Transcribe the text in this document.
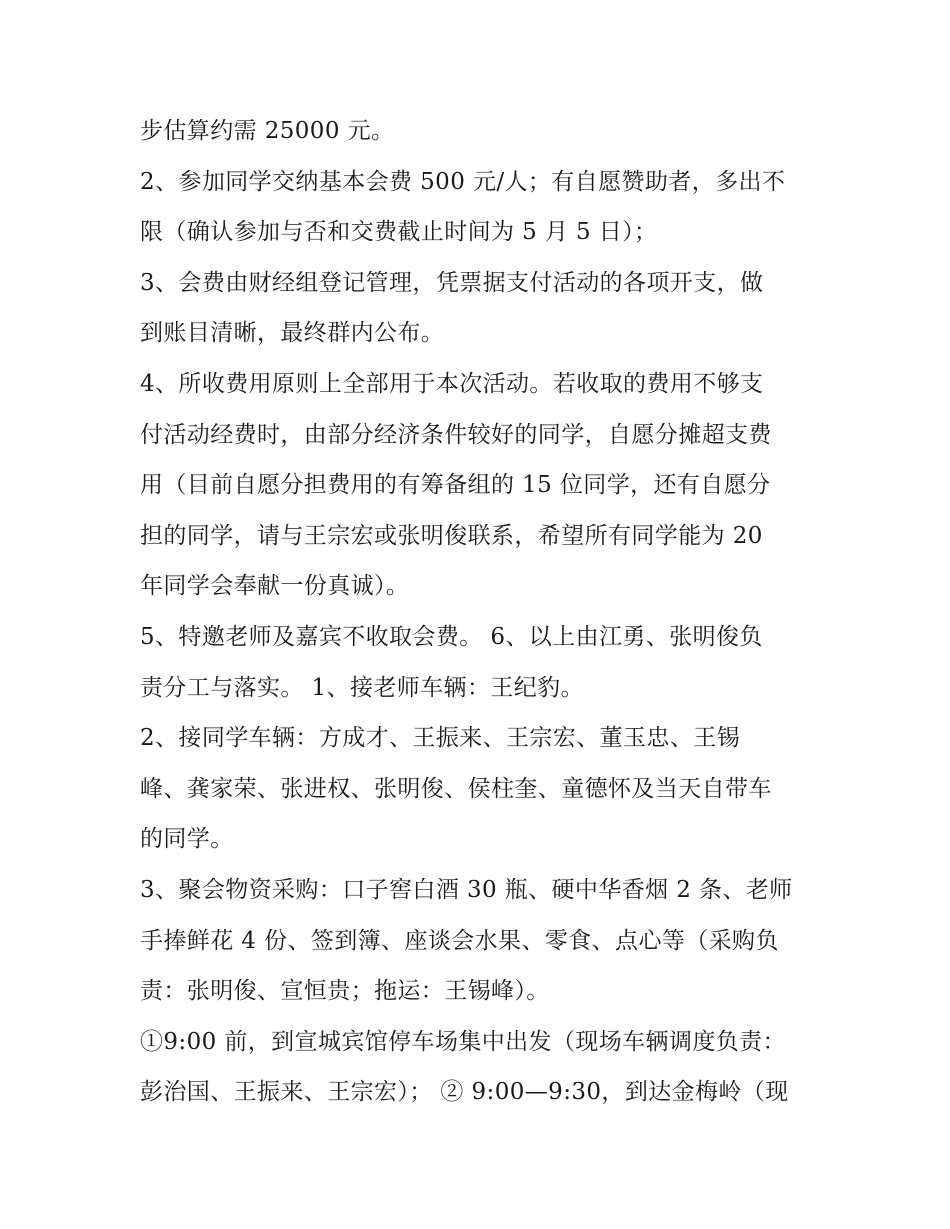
步估算约需 25000 元。
2、参加同学交纳基本会费 500 元/人；有自愿赞助者，多出不
限（确认参加与否和交费截止时间为 5 月 5 日）；
3、会费由财经组登记管理，凭票据支付活动的各项开支，做
到账目清晰，最终群内公布。
4、所收费用原则上全部用于本次活动。若收取的费用不够支
付活动经费时，由部分经济条件较好的同学，自愿分摊超支费
用（目前自愿分担费用的有筹备组的 15 位同学，还有自愿分
担的同学，请与王宗宏或张明俊联系，希望所有同学能为 20
年同学会奉献一份真诚）。
5、特邀老师及嘉宾不收取会费。 6、以上由江勇、张明俊负
责分工与落实。 1、接老师车辆：王纪豹。
2、接同学车辆：方成才、王振来、王宗宏、董玉忠、王锡
峰、龚家荣、张进权、张明俊、侯柱奎、童德怀及当天自带车
的同学。
3、聚会物资采购：口子窖白酒 30 瓶、硬中华香烟 2 条、老师
手捧鲜花 4 份、签到簿、座谈会水果、零食、点心等（采购负
责：张明俊、宣恒贵；拖运：王锡峰）。
①9:00 前，到宣城宾馆停车场集中出发（现场车辆调度负责：
彭治国、王振来、王宗宏）； ② 9:00—9:30，到达金梅岭（现
